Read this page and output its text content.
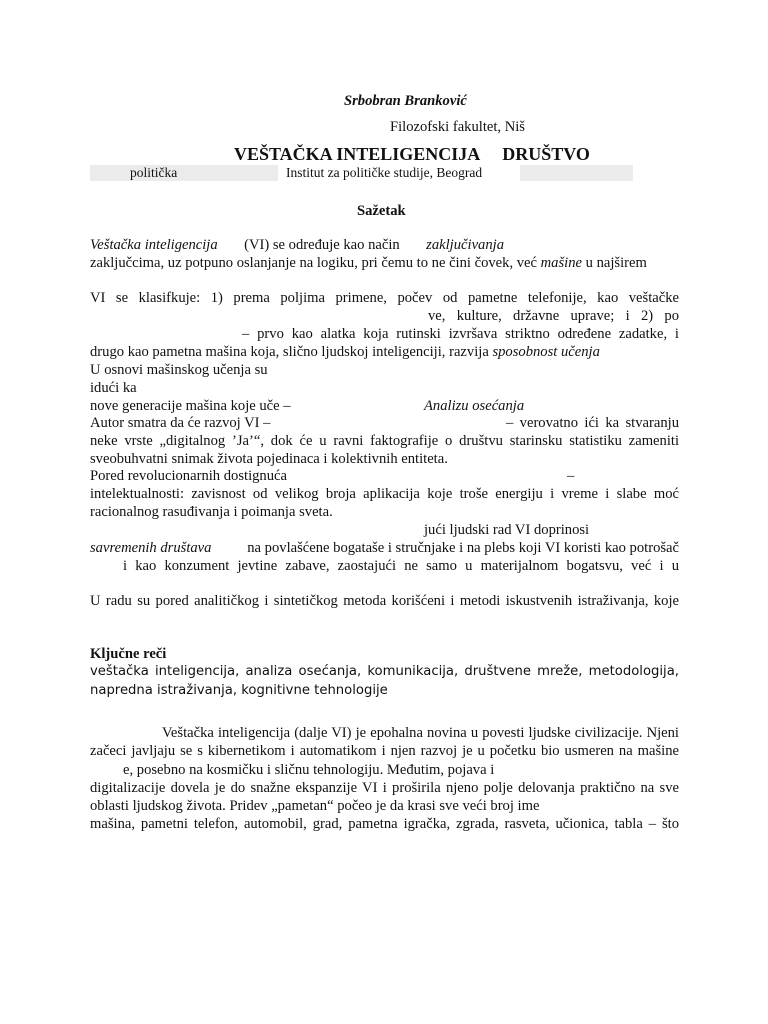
Srbobran Branković
Filozofski fakultet, Niš
VEŠTAČKA INTELIGENCIJA DRUŠTVO
politička	Institut za političke studije, Beograd
Sažetak
Veštačka inteligencija (VI) se određuje kao način zaključivanja
zaključcima, uz potpuno oslanjanje na logiku, pri čemu to ne čini čovek, već mašine u najširem
VI se klasifkuje: 1) prema poljima primene, počev od pametne telefonije, kao veštačke
ve, kulture, državne uprave; i 2) po
– prvo kao alatka koja rutinski izvršava striktno određene zadatke, i
drugo kao pametna mašina koja, slično ljudskoj inteligenciji, razvija sposobnost učenja
U osnovi mašinskog učenja su
idući ka
nove generacije mašina koje uče –	Analizu osećanja
Autor smatra da će razvoj VI –	– verovatno ići ka stvaranju
neke vrste „digitalnog ’Ja’“, dok će u ravni faktografije o društvu starinsku statistiku zameniti
sveobuhvatni snimak života pojedinaca i kolektivnih entiteta.
Pored revolucionarnih dostignuća	–
intelektualnosti: zavisnost od velikog broja aplikacija koje troše energiju i vreme i slabe moć
racionalnog rasuđivanja i poimanja sveta.
jući ljudski rad VI doprinosi
savremenih društava na povlašćene bogataše i stručnjake i na plebs koji VI koristi kao potrošač
i kao konzument jevtine zabave, zaostajući ne samo u materijalnom bogatsvu, već i u
U radu su pored analitičkog i sintetičkog metoda korišćeni i metodi iskustvenih istraživanja, koje
Ključne reči
veštačka inteligencija, analiza osećanja, komunikacija, društvene mreže, metodologija,
napredna istraživanja, kognitivne tehnologije
Veštačka inteligencija (dalje VI) je epohalna novina u povesti ljudske civilizacije. Njeni
začeci javljaju se s kibernetikom i automatikom i njen razvoj je u početku bio usmeren na mašine
e, posebno na kosmičku i sličnu tehnologiju. Međutim, pojava i
digitalizacije dovela je do snažne ekspanzije VI i proširila njeno polje delovanja praktično na sve
oblasti ljudskog života. Pridev „pametan“ počeo je da krasi sve veći broj ime
mašina, pametni telefon, automobil, grad, pametna igračka, zgrada, rasveta, učionica, tabla – što
